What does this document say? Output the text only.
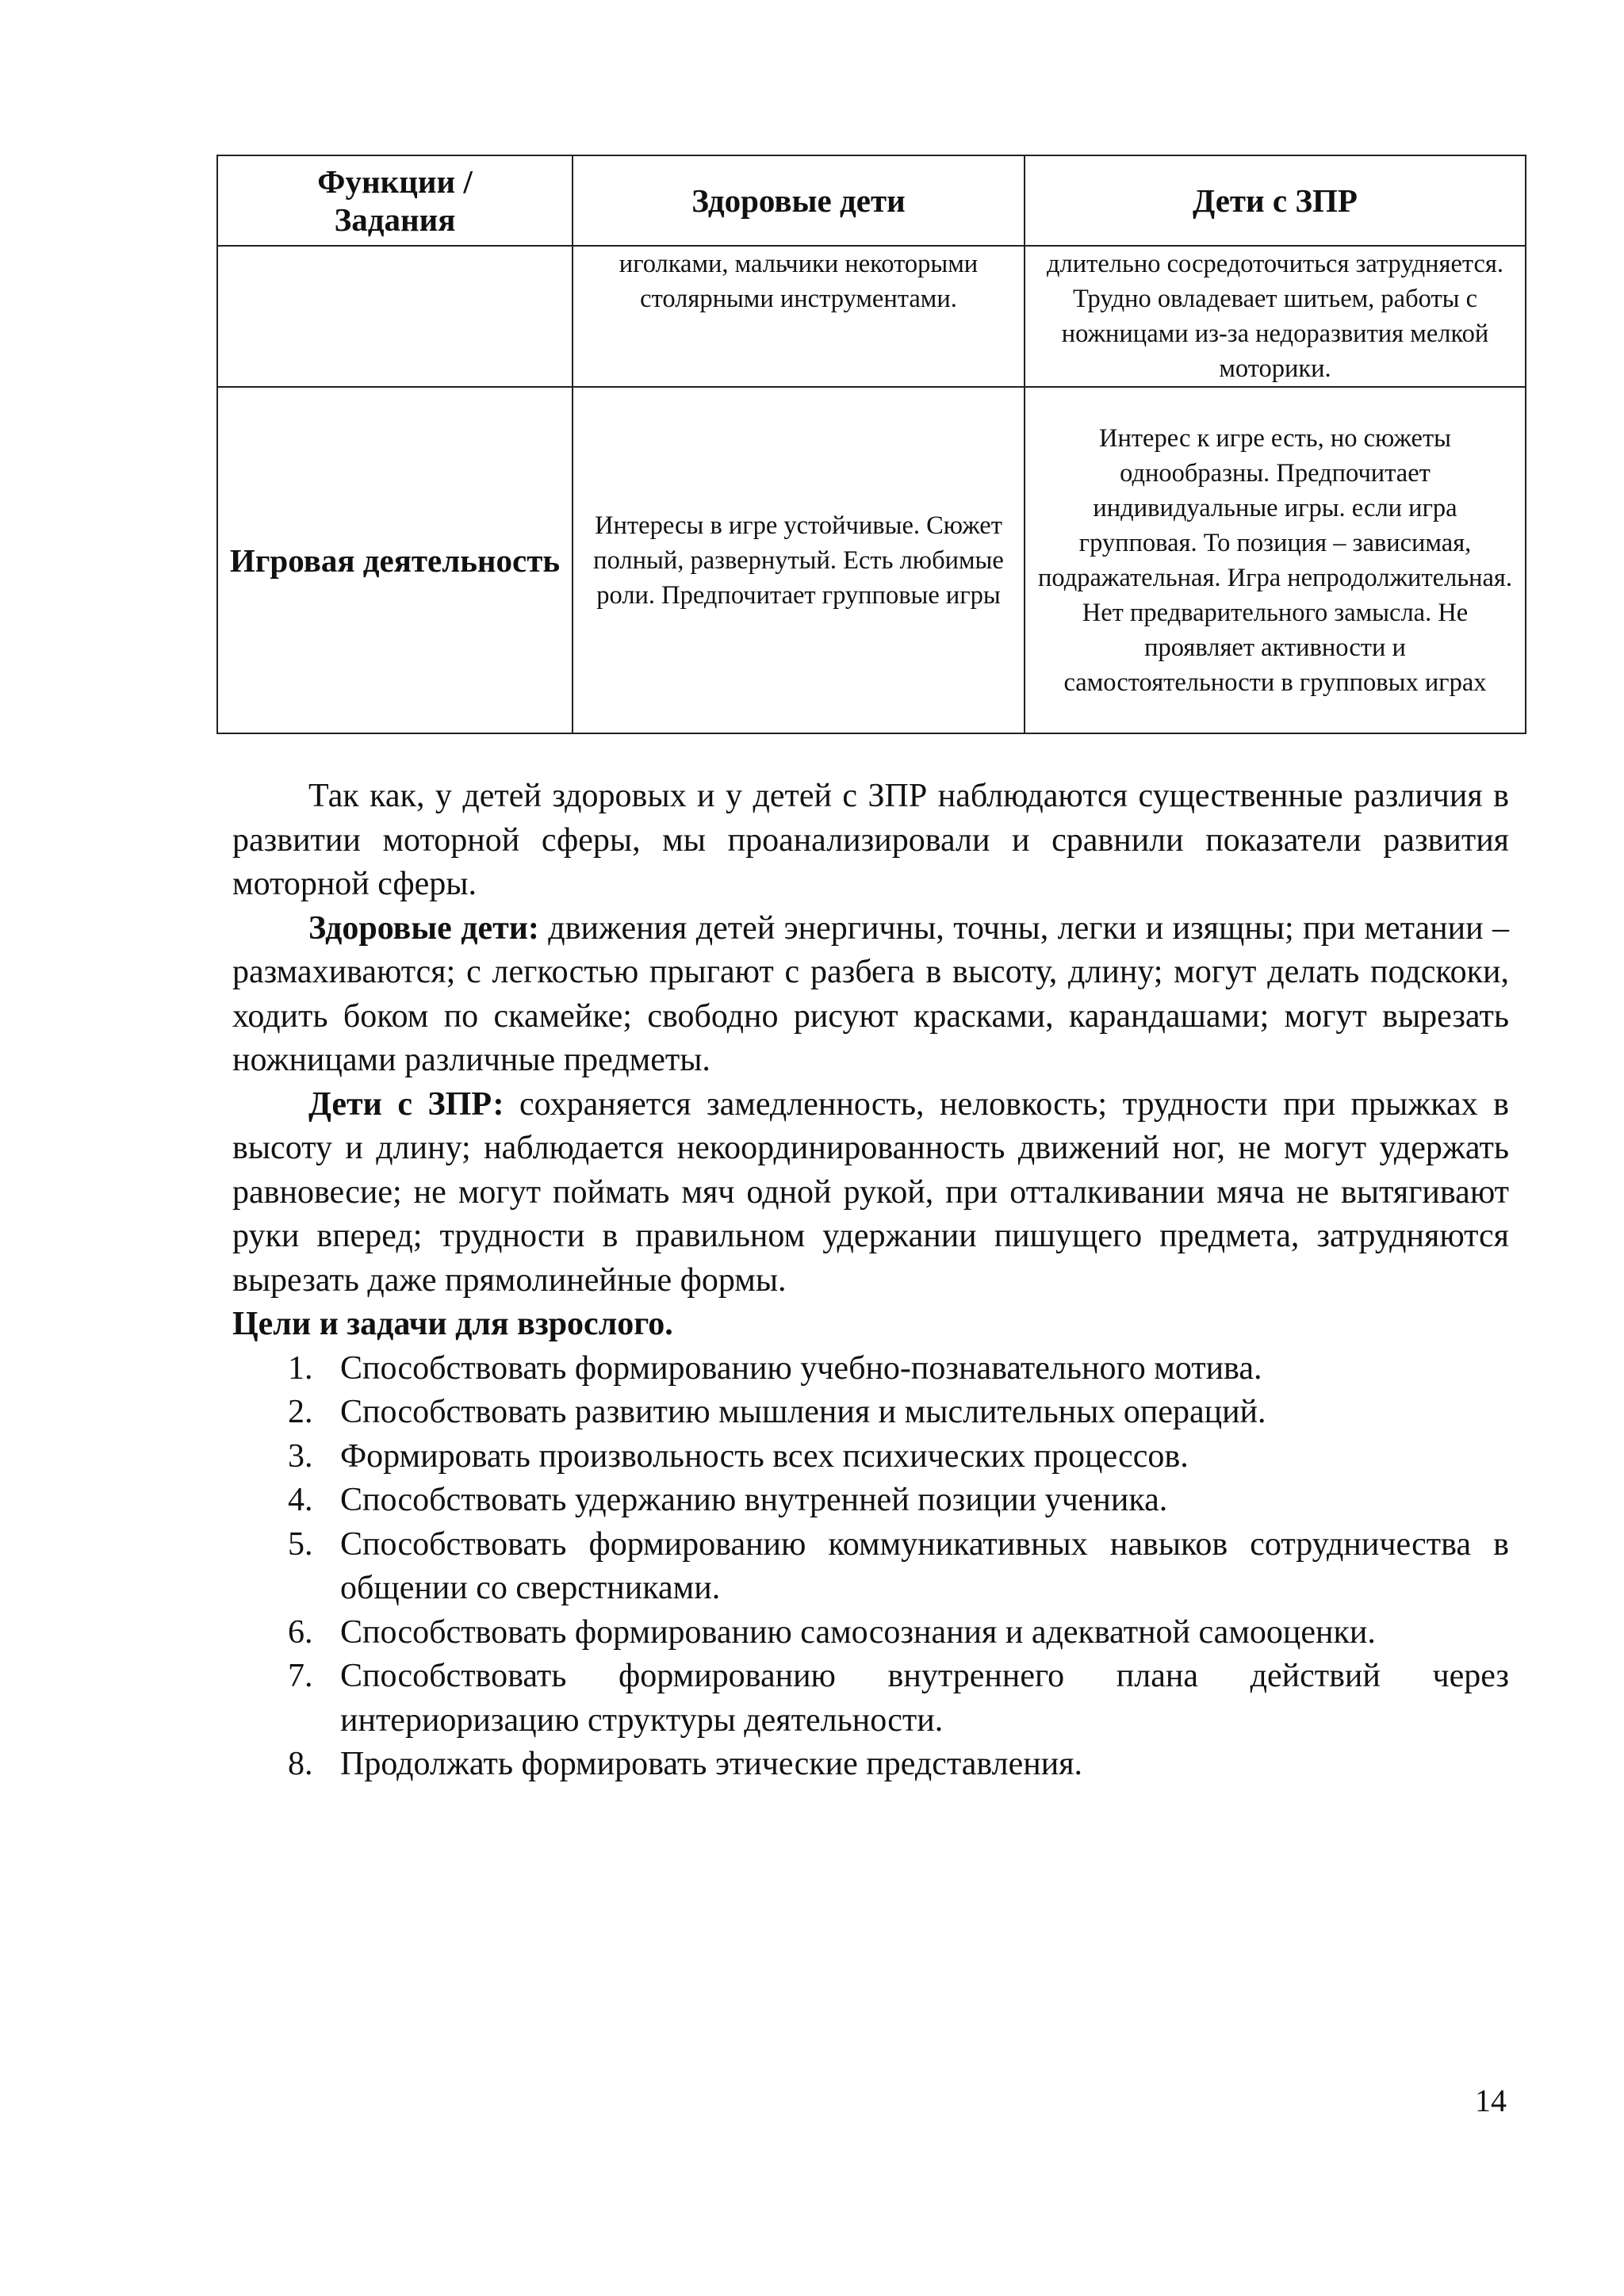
Функции /
Задания	Здоровые дети	Дети с ЗПР
	иголками, мальчики некоторыми столярными инструментами.	длительно сосредоточиться затрудняется. Трудно овладевает шитьем, работы с ножницами из-за недоразвития мелкой моторики.
Игровая деятельность	Интересы в игре устойчивые. Сюжет полный, развернутый. Есть любимые роли. Предпочитает групповые игры	Интерес к игре есть, но сюжеты однообразны. Предпочитает индивидуальные игры. если игра групповая. То позиция – зависимая, подражательная. Игра непродолжительная. Нет предварительного замысла. Не проявляет активности и самостоятельности в групповых играх

Так как, у детей здоровых и у детей с ЗПР наблюдаются существенные различия в развитии моторной сферы, мы проанализировали и сравнили показатели развития моторной сферы.

Здоровые дети: движения детей энергичны, точны, легки и изящны; при метании – размахиваются; с легкостью прыгают с разбега в высоту, длину; могут делать подскоки, ходить боком по скамейке; свободно рисуют красками, карандашами; могут вырезать ножницами различные предметы.

Дети с ЗПР: сохраняется замедленность, неловкость; трудности при прыжках в высоту и длину; наблюдается некоординированность движений ног, не могут удержать равновесие; не могут поймать мяч одной рукой, при отталкивании мяча не вытягивают руки вперед; трудности в правильном удержании пишущего предмета, затрудняются вырезать даже прямолинейные формы.

Цели и задачи для взрослого.

1. Способствовать формированию учебно-познавательного мотива.
2. Способствовать развитию мышления и мыслительных операций.
3. Формировать произвольность всех психических процессов.
4. Способствовать удержанию внутренней позиции ученика.
5. Способствовать формированию коммуникативных навыков сотрудничества в общении со сверстниками.
6. Способствовать формированию самосознания и адекватной самооценки.
7. Способствовать формированию внутреннего плана действий через интериоризацию структуры деятельности.
8. Продолжать формировать этические представления.
14
